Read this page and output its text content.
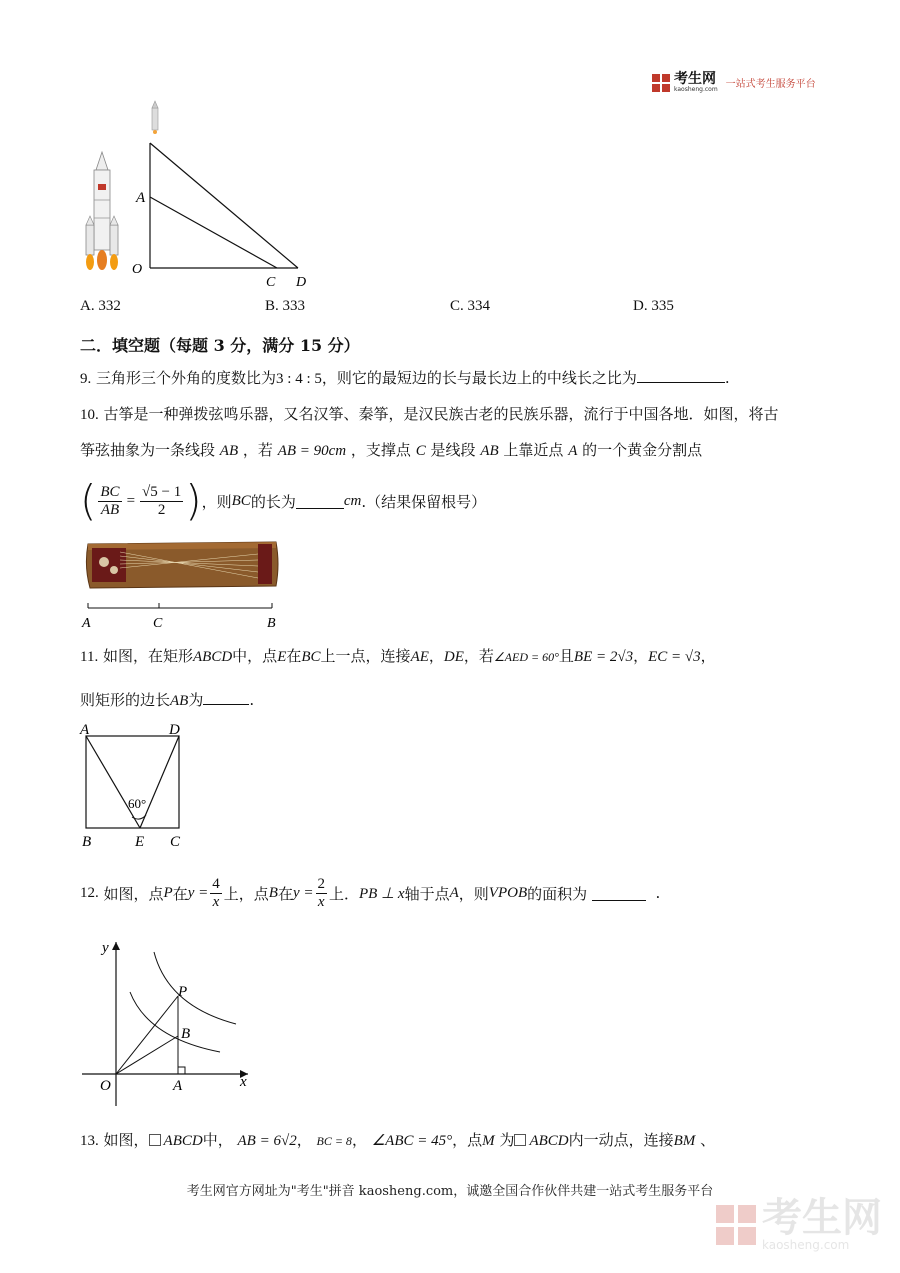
考生网
kaosheng.com 一站式考生服务平台
A
O
C D
A. 332	B. 333	C. 334	D. 335
二．填空题（每题 3 分，满分 15 分）
9. 三角形三个外角的度数比为3 : 4 : 5，则它的最短边的长与最长边上的中线长之比为	.
10. 古筝是一种弹拨弦鸣乐器，又名汉筝、秦筝，是汉民族古老的民族乐器，流行于中国各地．如图，将古
筝弦抽象为一条线段 AB ，若 AB = 90cm ，支撑点 C 是线段 AB 上靠近点 A 的一个黄金分割点
( $\frac{BC}{AB} = \frac{√5 - 1}{2}$ ) ，则 BC 的长为	cm .（结果保留根号）
A	C	B
11. 如图，在矩形ABCD中，点E在BC上一点，连接AE，DE，若∠AED = 60°且BE = 2√3，EC = √3，
则矩形的边长AB为	.
A	D
B	E C
60°
12.
如图，点 P 在 $y = \frac{4}{x}$ 上，点 B 在 $y = \frac{2}{x}$ 上． PB ⊥ x 轴于点 A ，则 VPOB 的面积为

	.
y
P
B
O	A	x
13. 如图， ABCD中， AB = 6√2， BC = 8， ∠ABC = 45°，点M 为 ABCD内一动点，连接BM 、
考生网官方网址为"考生"拼音 kaosheng.com，诚邀全国合作伙伴共建一站式考生服务平台
考生网
kaosheng.com
